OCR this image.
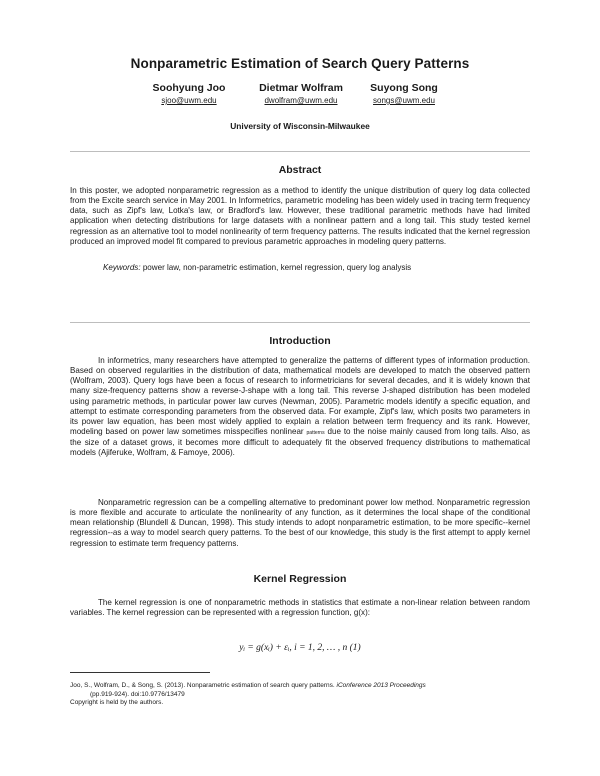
Nonparametric Estimation of Search Query Patterns
Soohyung Joo
sjoo@uwm.edu
Dietmar Wolfram
dwolfram@uwm.edu
Suyong Song
songs@uwm.edu
University of Wisconsin-Milwaukee
Abstract
In this poster, we adopted nonparametric regression as a method to identify the unique distribution of query log data collected from the Excite search service in May 2001. In Informetrics, parametric modeling has been widely used in tracing term frequency data, such as Zipf's law, Lotka's law, or Bradford's law. However, these traditional parametric methods have had limited application when detecting distributions for large datasets with a nonlinear pattern and a long tail. This study tested kernel regression as an alternative tool to model nonlinearity of term frequency patterns. The results indicated that the kernel regression produced an improved model fit compared to previous parametric approaches in modeling query patterns.
Keywords: power law, non-parametric estimation, kernel regression, query log analysis
Introduction
In informetrics, many researchers have attempted to generalize the patterns of different types of information production. Based on observed regularities in the distribution of data, mathematical models are developed to match the observed pattern (Wolfram, 2003). Query logs have been a focus of research to informetricians for several decades, and it is widely known that many size-frequency patterns show a reverse-J-shape with a long tail. This reverse J-shaped distribution has been modeled using parametric methods, in particular power law curves (Newman, 2005). Parametric models identify a specific equation, and attempt to estimate corresponding parameters from the observed data. For example, Zipf's law, which posits two parameters in its power law equation, has been most widely applied to explain a relation between term frequency and its rank. However, modeling based on power law sometimes misspecifies nonlinear patterns due to the noise mainly caused from long tails. Also, as the size of a dataset grows, it becomes more difficult to adequately fit the observed frequency distributions to mathematical models (Ajiferuke, Wolfram, & Famoye, 2006).
Nonparametric regression can be a compelling alternative to predominant power low method. Nonparametric regression is more flexible and accurate to articulate the nonlinearity of any function, as it determines the local shape of the conditional mean relationship (Blundell & Duncan, 1998). This study intends to adopt nonparametric estimation, to be more specific--kernel regression--as a way to model search query patterns. To the best of our knowledge, this study is the first attempt to apply kernel regression to estimate term frequency patterns.
Kernel Regression
The kernel regression is one of nonparametric methods in statistics that estimate a non-linear relation between random variables. The kernel regression can be represented with a regression function, g(x):
yᵢ = g(xᵢ) + εᵢ, i = 1, 2, … , n (1)
Joo, S., Wolfram, D., & Song, S. (2013). Nonparametric estimation of search query patterns. iConference 2013 Proceedings
(pp.919-924). doi:10.9776/13479
Copyright is held by the authors.
